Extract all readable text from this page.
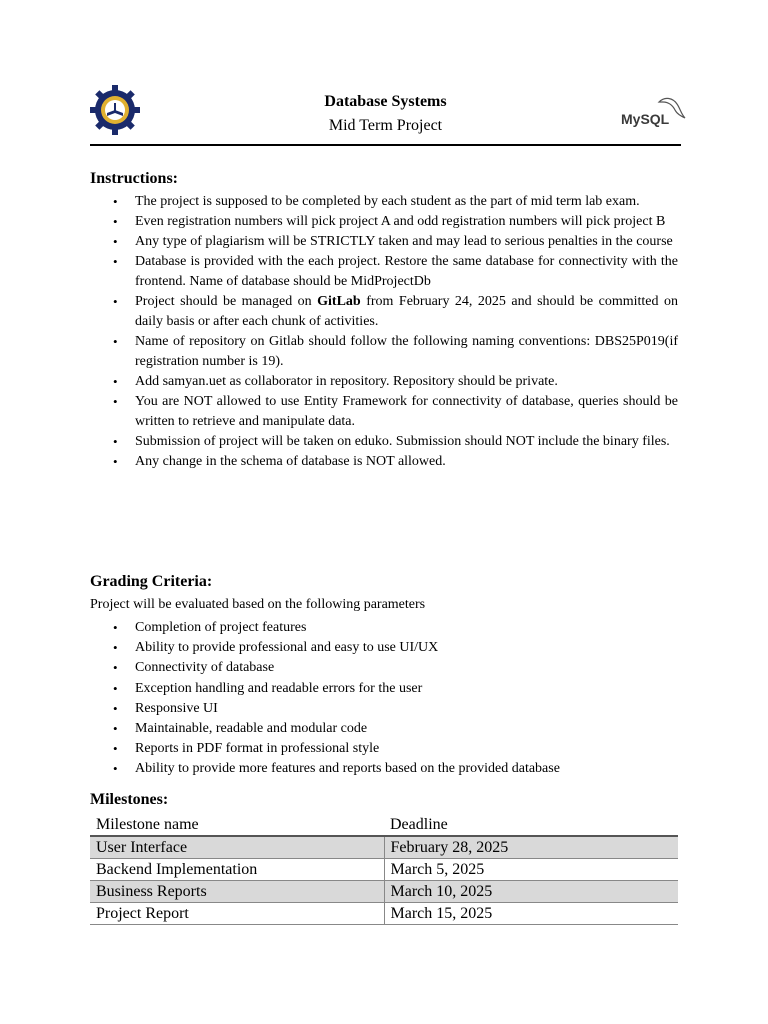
Database Systems
Mid Term Project	MySQL
Instructions:
• The project is supposed to be completed by each student as the part of mid term lab exam.
• Even registration numbers will pick project A and odd registration numbers will pick project B
• Any type of plagiarism will be STRICTLY taken and may lead to serious penalties in the course
• Database is provided with the each project. Restore the same database for connectivity with the frontend. Name of database should be MidProjectDb
• Project should be managed on GitLab from February 24, 2025 and should be committed on daily basis or after each chunk of activities.
• Name of repository on Gitlab should follow the following naming conventions: DBS25P019(if registration number is 19).
• Add samyan.uet as collaborator in repository. Repository should be private.
• You are NOT allowed to use Entity Framework for connectivity of database, queries should be written to retrieve and manipulate data.
• Submission of project will be taken on eduko. Submission should NOT include the binary files.
• Any change in the schema of database is NOT allowed.
Grading Criteria:
Project will be evaluated based on the following parameters
• Completion of project features
• Ability to provide professional and easy to use UI/UX
• Connectivity of database
• Exception handling and readable errors for the user
• Responsive UI
• Maintainable, readable and modular code
• Reports in PDF format in professional style
• Ability to provide more features and reports based on the provided database
Milestones:
Milestone name	Deadline
User Interface	February 28, 2025
Backend Implementation	March 5, 2025
Business Reports	March 10, 2025
Project Report	March 15, 2025
